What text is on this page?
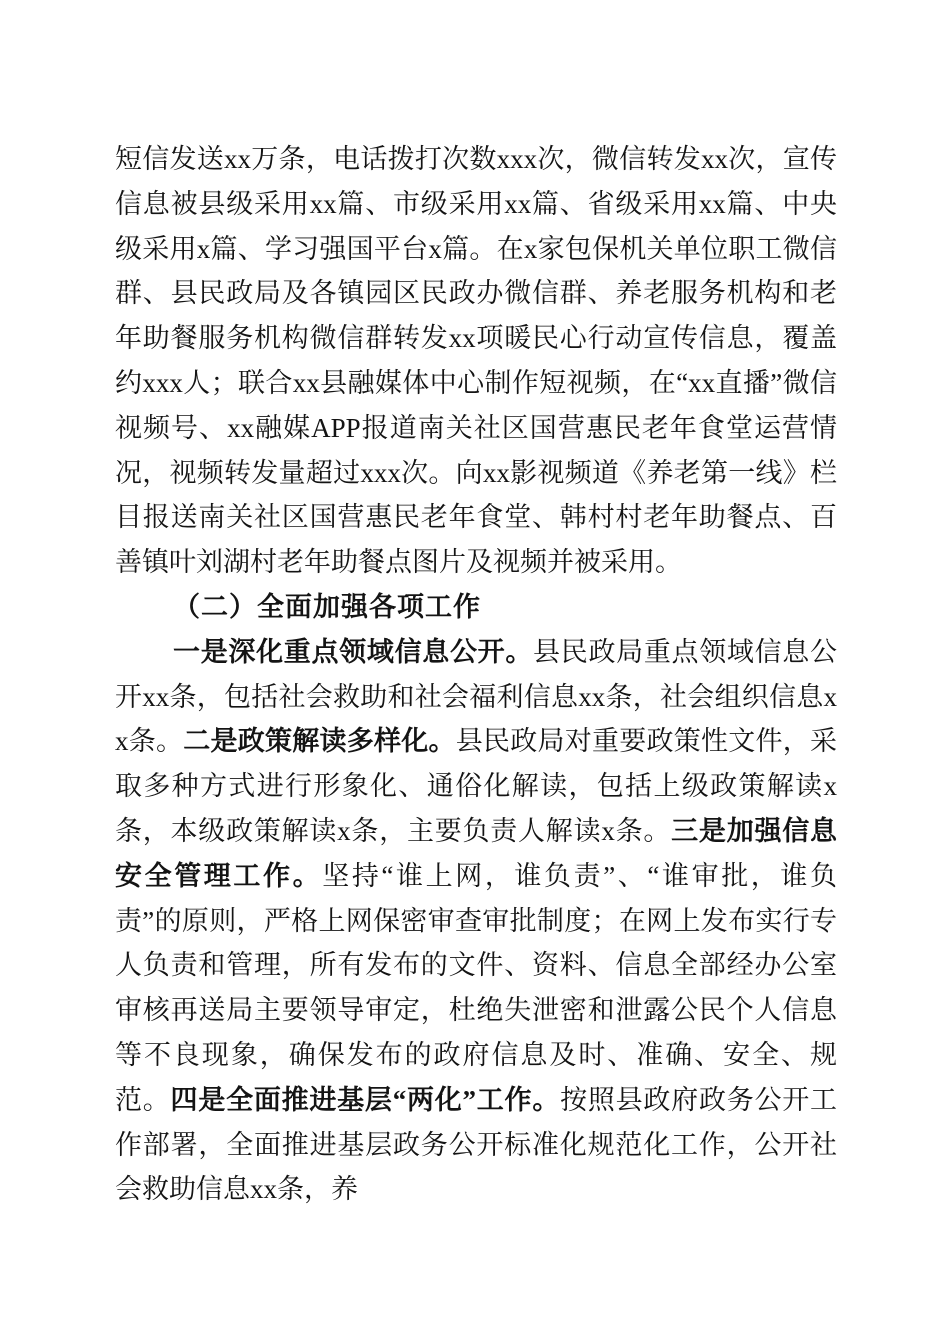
短信发送xx万条，电话拨打次数xxx次，微信转发xx次，宣传信息被县级采用xx篇、市级采用xx篇、省级采用xx篇、中央级采用x篇、学习强国平台x篇。在x家包保机关单位职工微信群、县民政局及各镇园区民政办微信群、养老服务机构和老年助餐服务机构微信群转发xx项暖民心行动宣传信息，覆盖约xxx人；联合xx县融媒体中心制作短视频，在“xx直播”微信视频号、xx融媒APP报道南关社区国营惠民老年食堂运营情况，视频转发量超过xxx次。向xx影视频道《养老第一线》栏目报送南关社区国营惠民老年食堂、韩村村老年助餐点、百善镇叶刘湖村老年助餐点图片及视频并被采用。

（二）全面加强各项工作

一是深化重点领域信息公开。县民政局重点领域信息公开xx条，包括社会救助和社会福利信息xx条，社会组织信息xx条。二是政策解读多样化。县民政局对重要政策性文件，采取多种方式进行形象化、通俗化解读，包括上级政策解读x条，本级政策解读x条，主要负责人解读x条。三是加强信息安全管理工作。坚持“谁上网，谁负责”、“谁审批，谁负责”的原则，严格上网保密审查审批制度；在网上发布实行专人负责和管理，所有发布的文件、资料、信息全部经办公室审核再送局主要领导审定，杜绝失泄密和泄露公民个人信息等不良现象，确保发布的政府信息及时、准确、安全、规范。四是全面推进基层“两化”工作。按照县政府政务公开工作部署，全面推进基层政务公开标准化规范化工作，公开社会救助信息xx条，养
